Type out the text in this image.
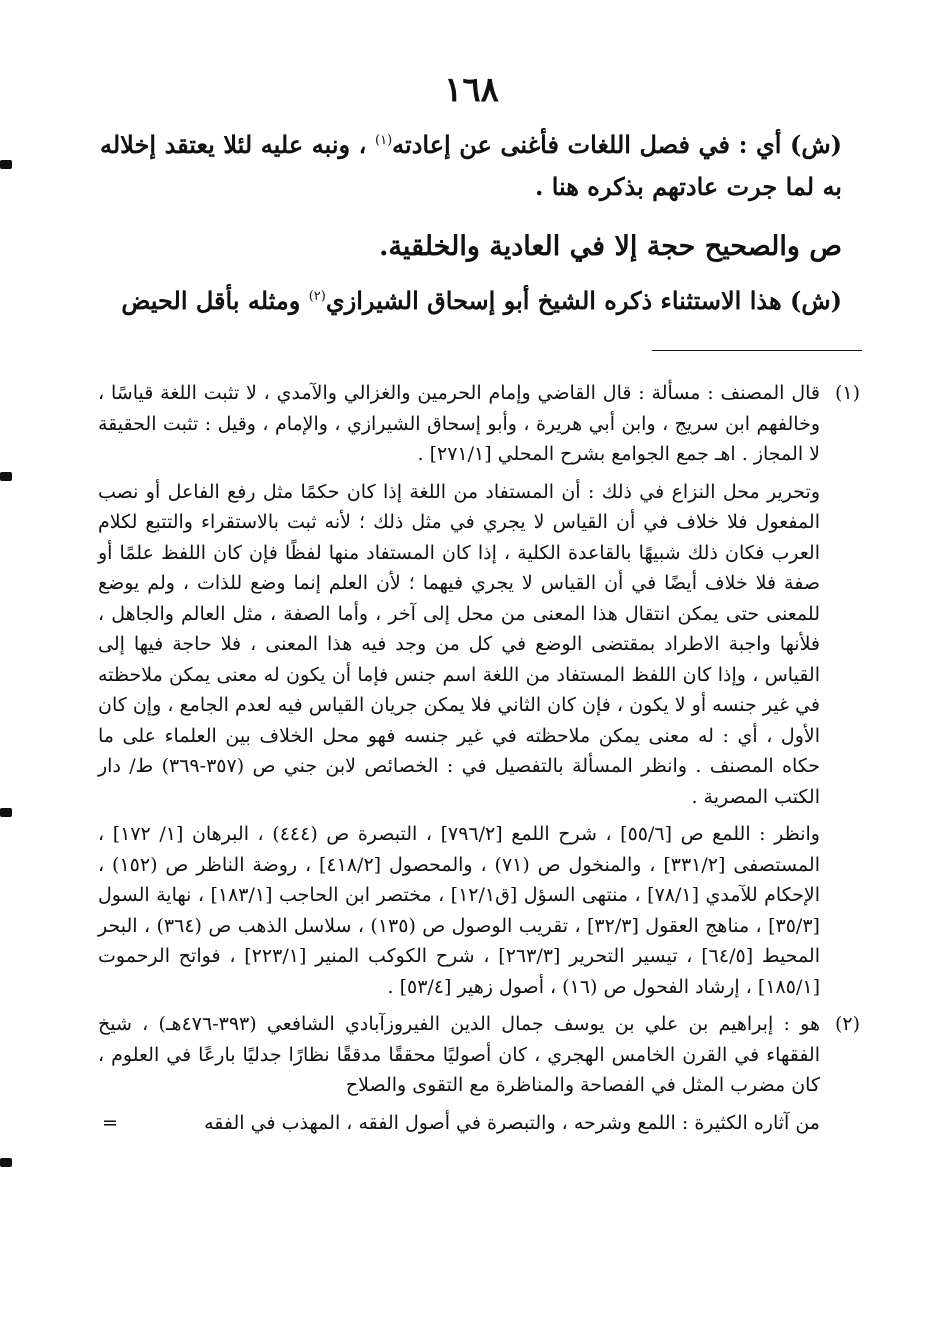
١٦٨

(ش) أي : في فصل اللغات فأغنى عن إعادته$^{(١)}$ ، ونبه عليه لئلا يعتقد إخلاله به لما جرت عادتهم بذكره هنا .

ص والصحيح حجة إلا في العادية والخلقية.

(ش) هذا الاستثناء ذكره الشيخ أبو إسحاق الشيرازي$^{(٢)}$ ومثله بأقل الحيض

(١)

قال المصنف : مسألة : قال القاضي وإمام الحرمين والغزالي والآمدي ، لا تثبت اللغة قياسًا ، وخالفهم ابن سريج ، وابن أبي هريرة ، وأبو إسحاق الشيرازي ، والإمام ، وقيل : تثبت الحقيقة لا المجاز . اهـ جمع الجوامع بشرح المحلي [٢٧١/١] .

وتحرير محل النزاع في ذلك : أن المستفاد من اللغة إذا كان حكمًا مثل رفع الفاعل أو نصب المفعول فلا خلاف في أن القياس لا يجري في مثل ذلك ؛ لأنه ثبت بالاستقراء والتتبع لكلام العرب فكان ذلك شبيهًا بالقاعدة الكلية ، إذا كان المستفاد منها لفظًا فإن كان اللفظ علمًا أو صفة فلا خلاف أيضًا في أن القياس لا يجري فيهما ؛ لأن العلم إنما وضع للذات ، ولم يوضع للمعنى حتى يمكن انتقال هذا المعنى من محل إلى آخر ، وأما الصفة ، مثل العالم والجاهل ، فلأنها واجبة الاطراد بمقتضى الوضع في كل من وجد فيه هذا المعنى ، فلا حاجة فيها إلى القياس ، وإذا كان اللفظ المستفاد من اللغة اسم جنس فإما أن يكون له معنى يمكن ملاحظته في غير جنسه أو لا يكون ، فإن كان الثاني فلا يمكن جريان القياس فيه لعدم الجامع ، وإن كان الأول ، أي : له معنى يمكن ملاحظته في غير جنسه فهو محل الخلاف بين العلماء على ما حكاه المصنف . وانظر المسألة بالتفصيل في : الخصائص لابن جني ص (٣٥٧-٣٦٩) ط/ دار الكتب المصرية .

وانظر : اللمع ص [٥٥/٦] ، شرح اللمع [٧٩٦/٢] ، التبصرة ص (٤٤٤) ، البرهان [١/ ١٧٢] ، المستصفى [٣٣١/٢] ، والمنخول ص (٧١) ، والمحصول [٤١٨/٢] ، روضة الناظر ص (١٥٢) ، الإحكام للآمدي [٧٨/١] ، منتهى السؤل [ق١٢/١] ، مختصر ابن الحاجب [١٨٣/١] ، نهاية السول [٣٥/٣] ، مناهج العقول [٣٢/٣] ، تقريب الوصول ص (١٣٥) ، سلاسل الذهب ص (٣٦٤) ، البحر المحيط [٦٤/٥] ، تيسير التحرير [٢٦٣/٣] ، شرح الكوكب المنير [٢٢٣/١] ، فواتح الرحموت [١٨٥/١] ، إرشاد الفحول ص (١٦) ، أصول زهير [٥٣/٤] .

(٢)

هو : إبراهيم بن علي بن يوسف جمال الدين الفيروزآبادي الشافعي (٣٩٣-٤٧٦هـ) ، شيخ الفقهاء في القرن الخامس الهجري ، كان أصوليًا محققًا مدققًا نظارًا جدليًا بارعًا في العلوم ، كان مضرب المثل في الفصاحة والمناظرة مع التقوى والصلاح

=	من آثاره الكثيرة : اللمع وشرحه ، والتبصرة في أصول الفقه ، المهذب في الفقه
